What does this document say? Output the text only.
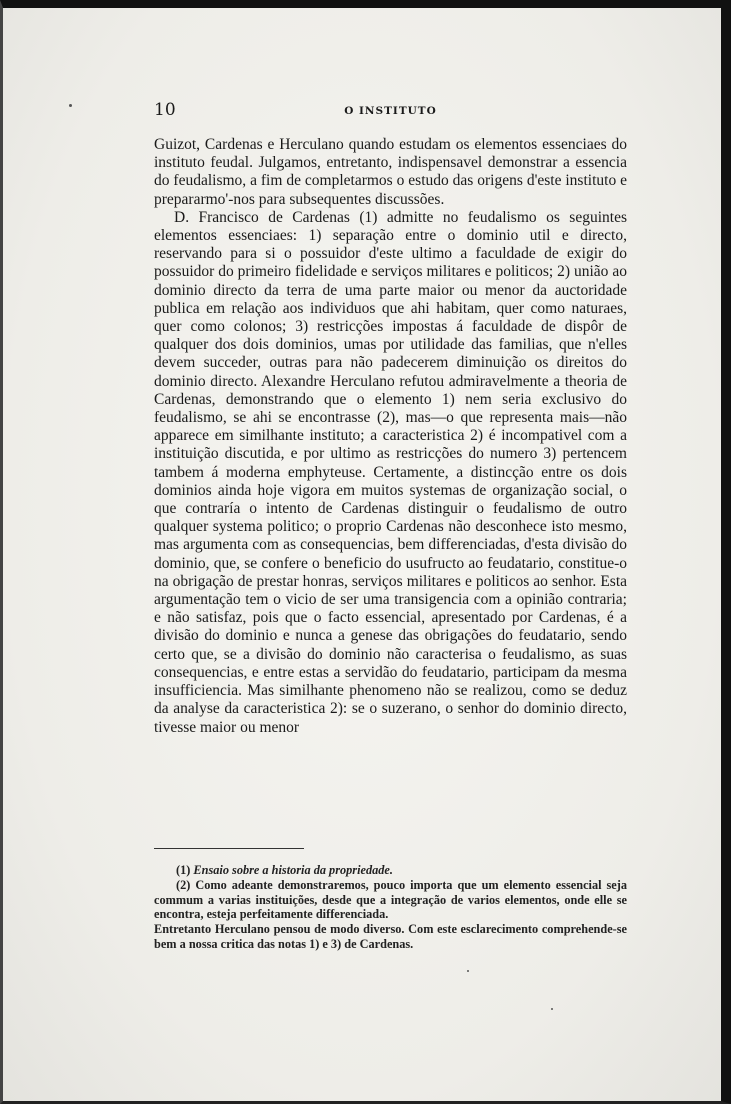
10	O INSTITUTO

Guizot, Cardenas e Herculano quando estudam os elementos essenciaes do instituto feudal. Julgamos, entretanto, indispensavel demonstrar a essencia do feudalismo, a fim de completarmos o estudo das origens d'este instituto e prepararmo'-nos para subsequentes discussões.

D. Francisco de Cardenas (1) admitte no feudalismo os seguintes elementos essenciaes: 1) separação entre o dominio util e directo, reservando para si o possuidor d'este ultimo a faculdade de exigir do possuidor do primeiro fidelidade e serviços militares e politicos; 2) união ao dominio directo da terra de uma parte maior ou menor da auctoridade publica em relação aos individuos que ahi habitam, quer como naturaes, quer como colonos; 3) restricções impostas á faculdade de dispôr de qualquer dos dois dominios, umas por utilidade das familias, que n'elles devem succeder, outras para não padecerem diminuição os direitos do dominio directo. Alexandre Herculano refutou admiravelmente a theoria de Cardenas, demonstrando que o elemento 1) nem seria exclusivo do feudalismo, se ahi se encontrasse (2), mas—o que representa mais—não apparece em similhante instituto; a caracteristica 2) é incompativel com a instituição discutida, e por ultimo as restricções do numero 3) pertencem tambem á moderna emphyteuse. Certamente, a distincção entre os dois dominios ainda hoje vigora em muitos systemas de organização social, o que contraría o intento de Cardenas distinguir o feudalismo de outro qualquer systema politico; o proprio Cardenas não desconhece isto mesmo, mas argumenta com as consequencias, bem differenciadas, d'esta divisão do dominio, que, se confere o beneficio do usufructo ao feudatario, constitue-o na obrigação de prestar honras, serviços militares e politicos ao senhor. Esta argumentação tem o vicio de ser uma transigencia com a opinião contraria; e não satisfaz, pois que o facto essencial, apresentado por Cardenas, é a divisão do dominio e nunca a genese das obrigações do feudatario, sendo certo que, se a divisão do dominio não caracterisa o feudalismo, as suas consequencias, e entre estas a servidão do feudatario, participam da mesma insufficiencia. Mas similhante phenomeno não se realizou, como se deduz da analyse da caracteristica 2): se o suzerano, o senhor do dominio directo, tivesse maior ou menor

(1) Ensaio sobre a historia da propriedade.

(2) Como adeante demonstraremos, pouco importa que um elemento essencial seja commum a varias instituições, desde que a integração de varios elementos, onde elle se encontra, esteja perfeitamente differenciada.

Entretanto Herculano pensou de modo diverso. Com este esclarecimento comprehende-se bem a nossa critica das notas 1) e 3) de Cardenas.
